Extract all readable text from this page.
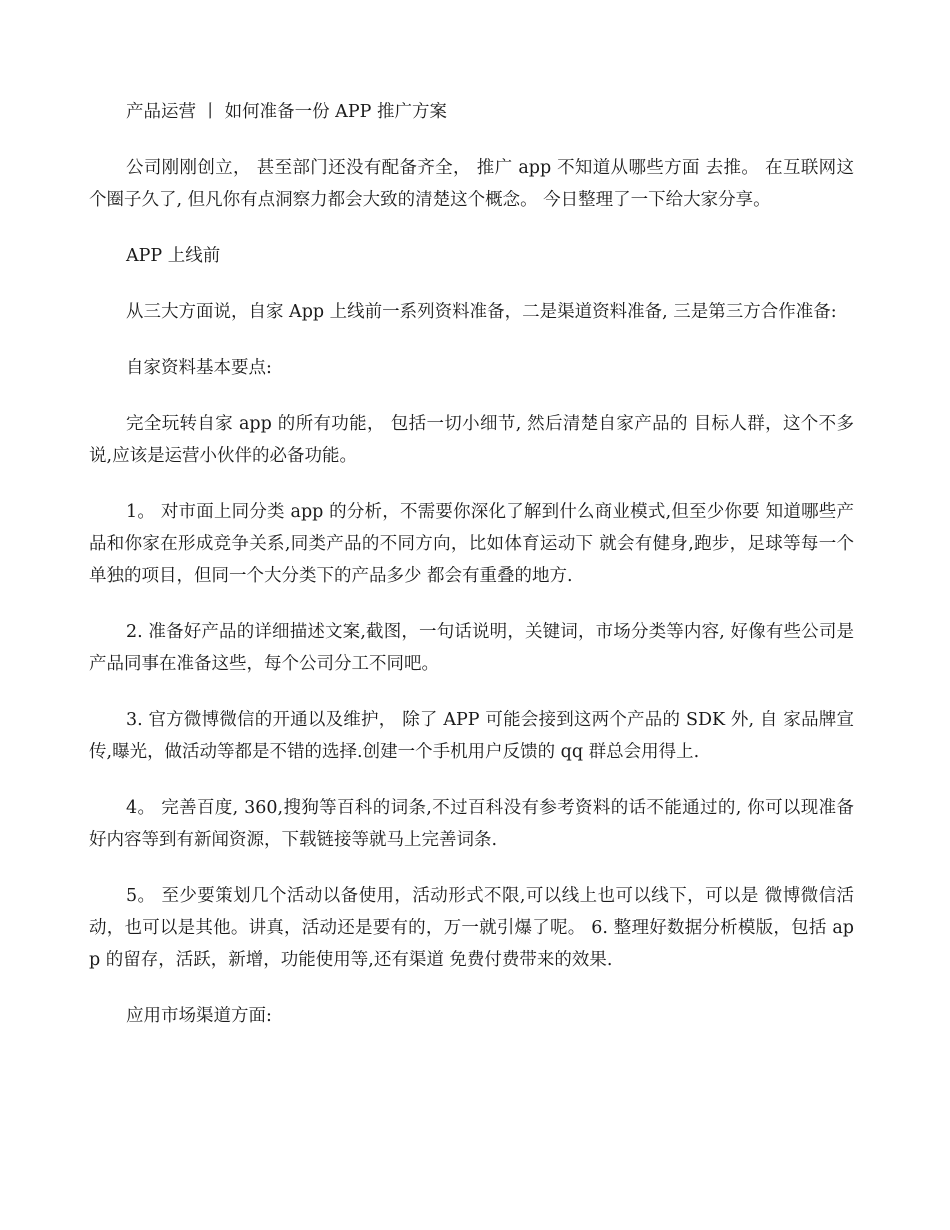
产品运营 丨 如何准备一份 APP 推广方案

公司刚刚创立， 甚至部门还没有配备齐全， 推广 app 不知道从哪些方面 去推。 在互联网这个圈子久了, 但凡你有点洞察力都会大致的清楚这个概念。 今日整理了一下给大家分享。

APP 上线前

从三大方面说，自家 App 上线前一系列资料准备，二是渠道资料准备, 三是第三方合作准备:

自家资料基本要点:

完全玩转自家 app 的所有功能， 包括一切小细节, 然后清楚自家产品的 目标人群，这个不多说,应该是运营小伙伴的必备功能。

1。 对市面上同分类 app 的分析，不需要你深化了解到什么商业模式,但至少你要 知道哪些产品和你家在形成竞争关系,同类产品的不同方向，比如体育运动下 就会有健身,跑步，足球等每一个单独的项目，但同一个大分类下的产品多少 都会有重叠的地方.

2. 准备好产品的详细描述文案,截图，一句话说明，关键词，市场分类等内容, 好像有些公司是产品同事在准备这些，每个公司分工不同吧。

3. 官方微博微信的开通以及维护， 除了 APP 可能会接到这两个产品的 SDK 外, 自 家品牌宣传,曝光，做活动等都是不错的选择.创建一个手机用户反馈的 qq 群总会用得上.

4。 完善百度, 360,搜狗等百科的词条,不过百科没有参考资料的话不能通过的, 你可以现准备好内容等到有新闻资源，下载链接等就马上完善词条.

5。 至少要策划几个活动以备使用，活动形式不限,可以线上也可以线下，可以是 微博微信活动，也可以是其他。讲真，活动还是要有的，万一就引爆了呢。 6. 整理好数据分析模版，包括 app 的留存，活跃，新增，功能使用等,还有渠道 免费付费带来的效果.

应用市场渠道方面:
